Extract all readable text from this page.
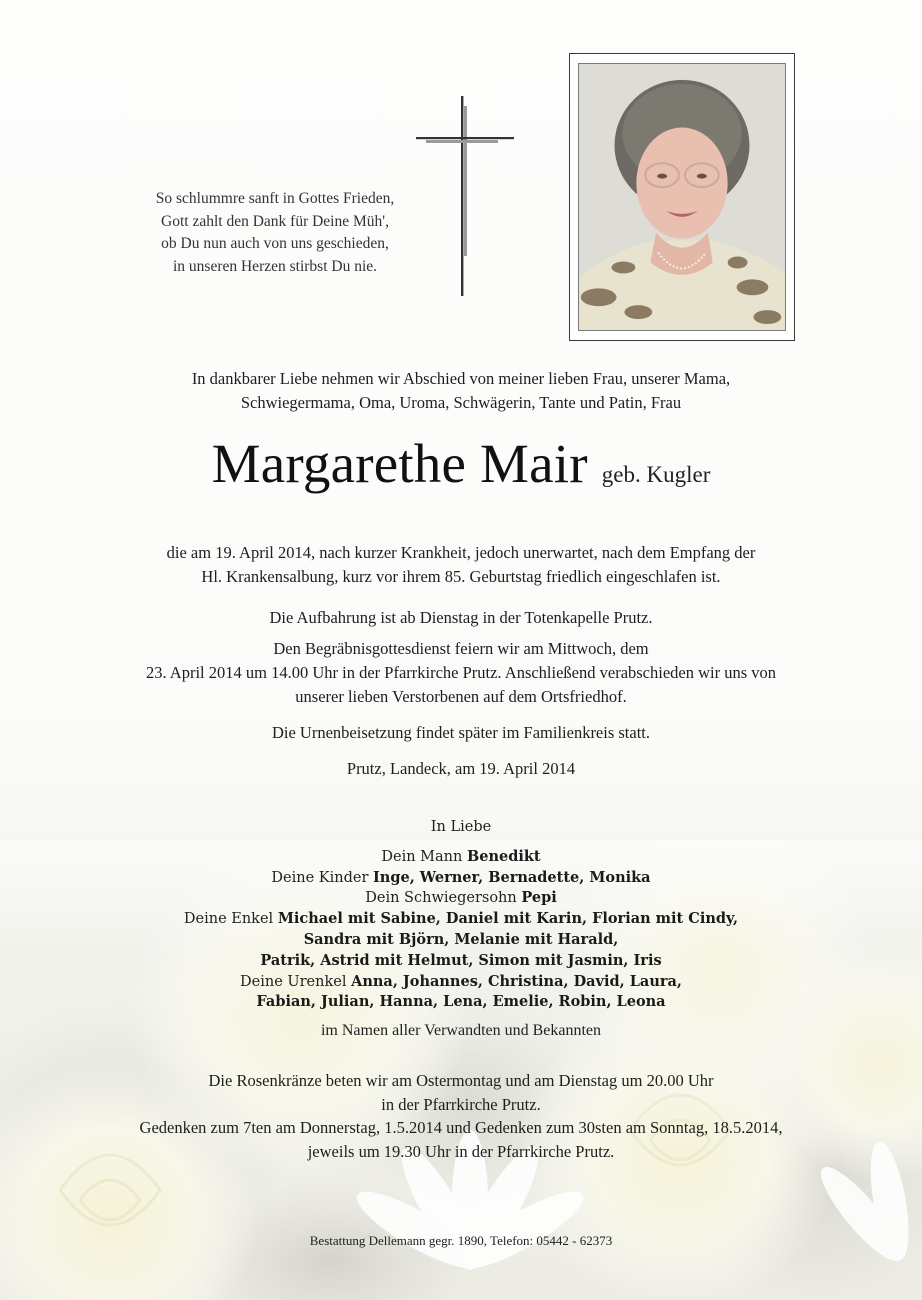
So schlummre sanft in Gottes Frieden,
Gott zahlt den Dank für Deine Müh',
ob Du nun auch von uns geschieden,
in unseren Herzen stirbst Du nie.
In dankbarer Liebe nehmen wir Abschied von meiner lieben Frau, unserer Mama,
Schwiegermama, Oma, Uroma, Schwägerin, Tante und Patin, Frau
Margarethe Mair geb. Kugler
die am 19. April 2014, nach kurzer Krankheit, jedoch unerwartet, nach dem Empfang der
Hl. Krankensalbung, kurz vor ihrem 85. Geburtstag friedlich eingeschlafen ist.
Die Aufbahrung ist ab Dienstag in der Totenkapelle Prutz.
Den Begräbnisgottesdienst feiern wir am Mittwoch, dem
23. April 2014 um 14.00 Uhr in der Pfarrkirche Prutz. Anschließend verabschieden wir uns von
unserer lieben Verstorbenen auf dem Ortsfriedhof.
Die Urnenbeisetzung findet später im Familienkreis statt.
Prutz, Landeck, am 19. April 2014
In Liebe
Dein Mann Benedikt
Deine Kinder Inge, Werner, Bernadette, Monika
Dein Schwiegersohn Pepi
Deine Enkel Michael mit Sabine, Daniel mit Karin, Florian mit Cindy,
Sandra mit Björn, Melanie mit Harald,
Patrik, Astrid mit Helmut, Simon mit Jasmin, Iris
Deine Urenkel Anna, Johannes, Christina, David, Laura,
Fabian, Julian, Hanna, Lena, Emelie, Robin, Leona
im Namen aller Verwandten und Bekannten
Die Rosenkränze beten wir am Ostermontag und am Dienstag um 20.00 Uhr
in der Pfarrkirche Prutz.
Gedenken zum 7ten am Donnerstag, 1.5.2014 und Gedenken zum 30sten am Sonntag, 18.5.2014,
jeweils um 19.30 Uhr in der Pfarrkirche Prutz.
Bestattung Dellemann gegr. 1890, Telefon: 05442 - 62373
